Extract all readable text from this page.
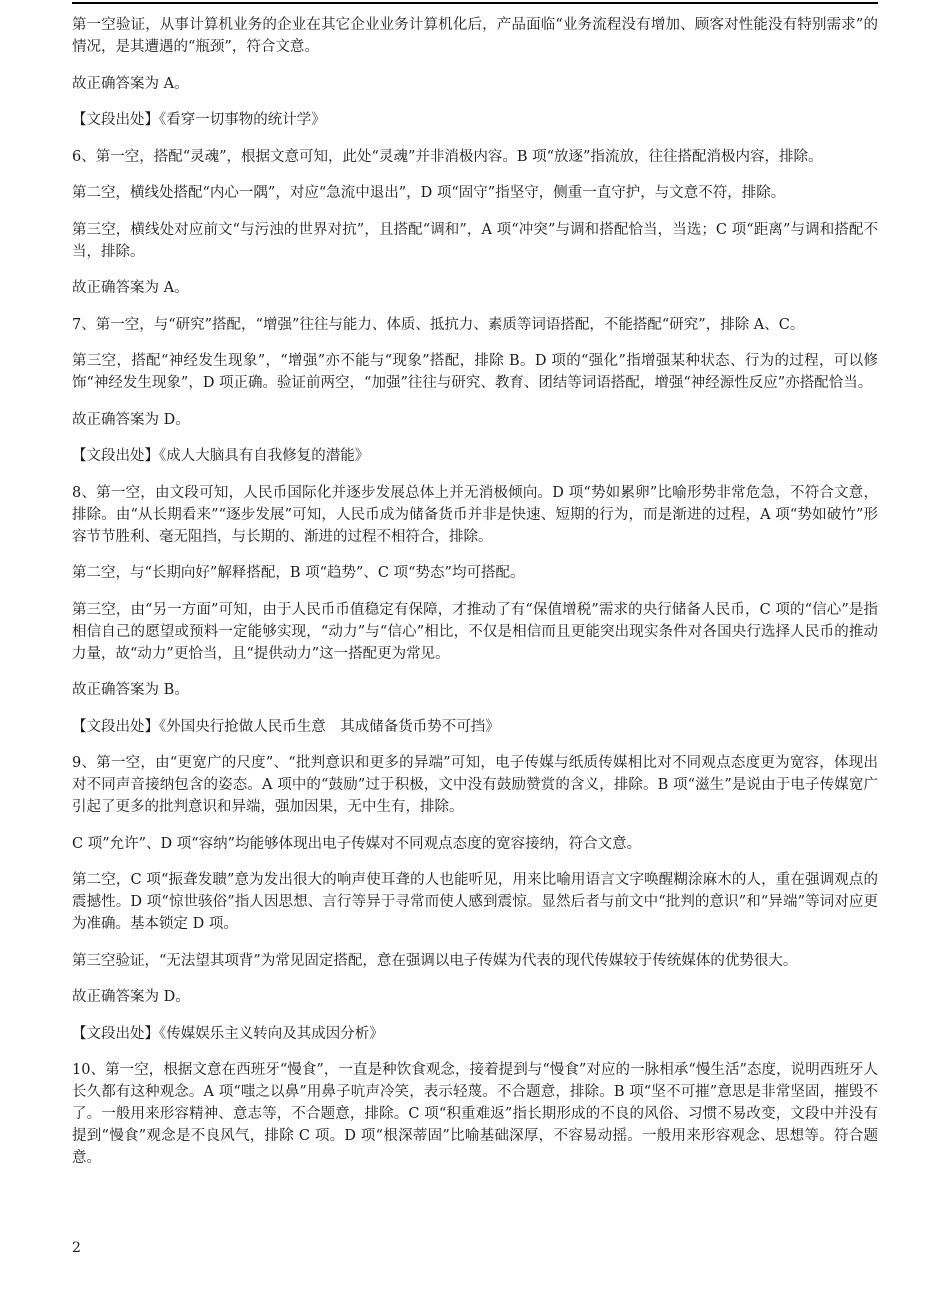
第一空验证，从事计算机业务的企业在其它企业业务计算机化后，产品面临“业务流程没有增加、顾客对性能没有特别需求”的情况，是其遭遇的“瓶颈”，符合文意。

故正确答案为 A。

【文段出处】《看穿一切事物的统计学》

6、第一空，搭配“灵魂”，根据文意可知，此处“灵魂”并非消极内容。B 项“放逐”指流放，往往搭配消极内容，排除。

第二空，横线处搭配“内心一隅”，对应“急流中退出”，D 项“固守”指坚守，侧重一直守护，与文意不符，排除。

第三空，横线处对应前文“与污浊的世界对抗”，且搭配“调和”，A 项“冲突”与调和搭配恰当，当选；C 项“距离”与调和搭配不当，排除。

故正确答案为 A。

7、第一空，与“研究”搭配，“增强”往往与能力、体质、抵抗力、素质等词语搭配，不能搭配“研究”，排除 A、C。

第三空，搭配“神经发生现象”，“增强”亦不能与“现象”搭配，排除 B。D 项的“强化”指增强某种状态、行为的过程，可以修饰“神经发生现象”，D 项正确。验证前两空，“加强”往往与研究、教育、团结等词语搭配，增强“神经源性反应”亦搭配恰当。

故正确答案为 D。

【文段出处】《成人大脑具有自我修复的潜能》

8、第一空，由文段可知，人民币国际化并逐步发展总体上并无消极倾向。D 项“势如累卵”比喻形势非常危急，不符合文意，排除。由“从长期看来”“逐步发展”可知，人民币成为储备货币并非是快速、短期的行为，而是渐进的过程，A 项“势如破竹”形容节节胜利、毫无阻挡，与长期的、渐进的过程不相符合，排除。

第二空，与“长期向好”解释搭配，B 项“趋势”、C 项“势态”均可搭配。

第三空，由“另一方面”可知，由于人民币币值稳定有保障，才推动了有“保值增税”需求的央行储备人民币，C 项的“信心”是指相信自己的愿望或预料一定能够实现，“动力”与“信心”相比，不仅是相信而且更能突出现实条件对各国央行选择人民币的推动力量，故“动力”更恰当，且“提供动力”这一搭配更为常见。

故正确答案为 B。

【文段出处】《外国央行抢做人民币生意　其成储备货币势不可挡》

9、第一空，由“更宽广的尺度”、“批判意识和更多的异端”可知，电子传媒与纸质传媒相比对不同观点态度更为宽容，体现出对不同声音接纳包含的姿态。A 项中的“鼓励”过于积极，文中没有鼓励赞赏的含义，排除。B 项“滋生”是说由于电子传媒宽广引起了更多的批判意识和异端，强加因果，无中生有，排除。

C 项”允许”、D 项“容纳”均能够体现出电子传媒对不同观点态度的宽容接纳，符合文意。

第二空，C 项“振聋发聩”意为发出很大的响声使耳聋的人也能听见，用来比喻用语言文字唤醒糊涂麻木的人，重在强调观点的震撼性。D 项“惊世骇俗”指人因思想、言行等异于寻常而使人感到震惊。显然后者与前文中“批判的意识”和“异端”等词对应更为准确。基本锁定 D 项。

第三空验证，“无法望其项背”为常见固定搭配，意在强调以电子传媒为代表的现代传媒较于传统媒体的优势很大。

故正确答案为 D。

【文段出处】《传媒娱乐主义转向及其成因分析》

10、第一空，根据文意在西班牙“慢食”，一直是种饮食观念，接着提到与“慢食”对应的一脉相承“慢生活”态度，说明西班牙人长久都有这种观念。A 项“嗤之以鼻”用鼻子吭声冷笑，表示轻蔑。不合题意，排除。B 项“坚不可摧”意思是非常坚固，摧毁不了。一般用来形容精神、意志等，不合题意，排除。C 项“积重难返”指长期形成的不良的风俗、习惯不易改变，文段中并没有提到“慢食”观念是不良风气，排除 C 项。D 项“根深蒂固”比喻基础深厚，不容易动摇。一般用来形容观念、思想等。符合题意。

2
